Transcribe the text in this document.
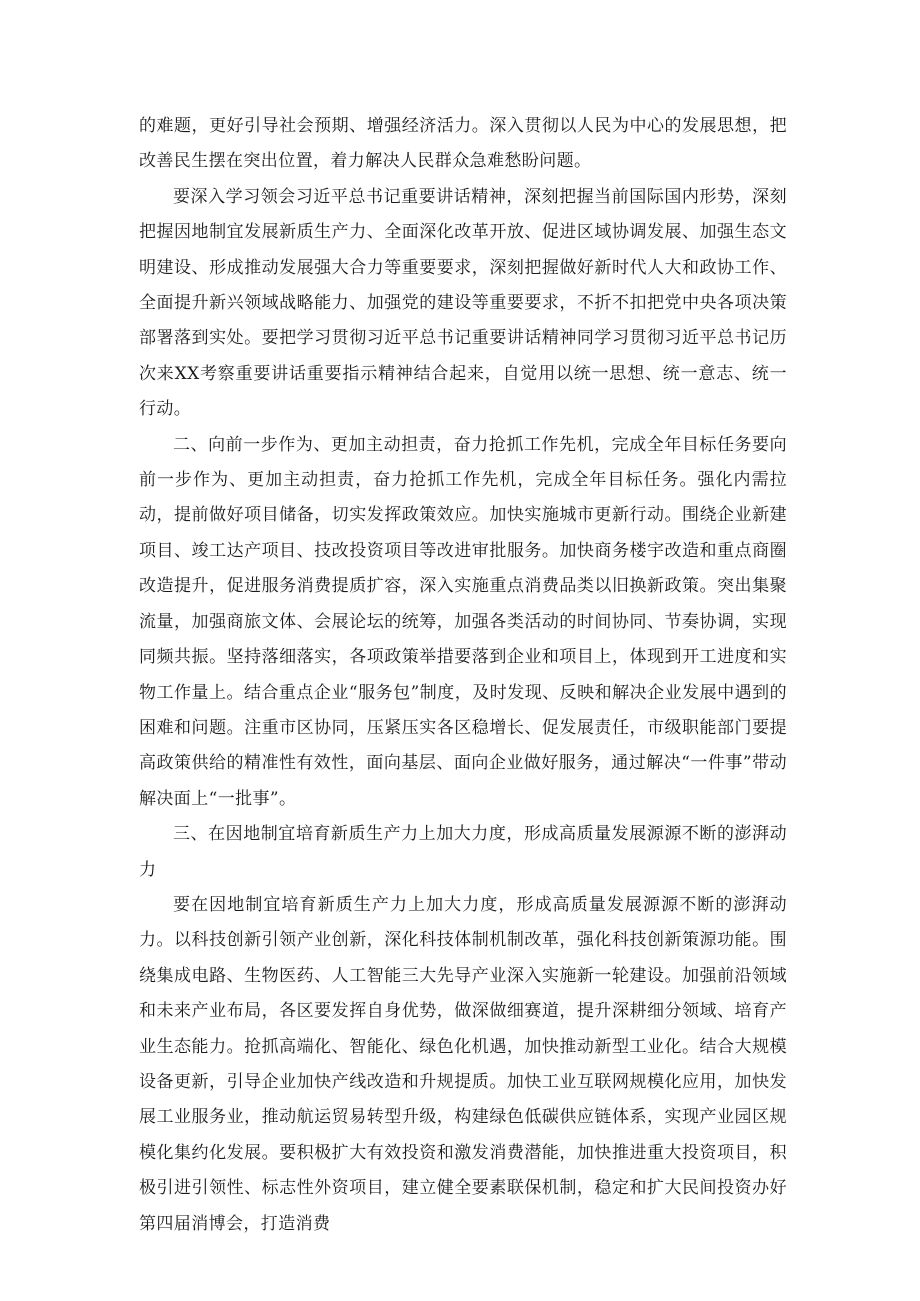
的难题，更好引导社会预期、增强经济活力。深入贯彻以人民为中心的发展思想，把改善民生摆在突出位置，着力解决人民群众急难愁盼问题。

要深入学习领会习近平总书记重要讲话精神，深刻把握当前国际国内形势，深刻把握因地制宜发展新质生产力、全面深化改革开放、促进区域协调发展、加强生态文明建设、形成推动发展强大合力等重要要求，深刻把握做好新时代人大和政协工作、全面提升新兴领域战略能力、加强党的建设等重要要求，不折不扣把党中央各项决策部署落到实处。要把学习贯彻习近平总书记重要讲话精神同学习贯彻习近平总书记历次来XX考察重要讲话重要指示精神结合起来，自觉用以统一思想、统一意志、统一行动。

二、向前一步作为、更加主动担责，奋力抢抓工作先机，完成全年目标任务要向前一步作为、更加主动担责，奋力抢抓工作先机，完成全年目标任务。强化内需拉动，提前做好项目储备，切实发挥政策效应。加快实施城市更新行动。围绕企业新建项目、竣工达产项目、技改投资项目等改进审批服务。加快商务楼宇改造和重点商圈改造提升，促进服务消费提质扩容，深入实施重点消费品类以旧换新政策。突出集聚流量，加强商旅文体、会展论坛的统筹，加强各类活动的时间协同、节奏协调，实现同频共振。坚持落细落实，各项政策举措要落到企业和项目上，体现到开工进度和实物工作量上。结合重点企业“服务包”制度，及时发现、反映和解决企业发展中遇到的困难和问题。注重市区协同，压紧压实各区稳增长、促发展责任，市级职能部门要提高政策供给的精准性有效性，面向基层、面向企业做好服务，通过解决“一件事”带动解决面上“一批事”。

三、在因地制宜培育新质生产力上加大力度，形成高质量发展源源不断的澎湃动力

要在因地制宜培育新质生产力上加大力度，形成高质量发展源源不断的澎湃动力。以科技创新引领产业创新，深化科技体制机制改革，强化科技创新策源功能。围绕集成电路、生物医药、人工智能三大先导产业深入实施新一轮建设。加强前沿领域和未来产业布局，各区要发挥自身优势，做深做细赛道，提升深耕细分领域、培育产业生态能力。抢抓高端化、智能化、绿色化机遇，加快推动新型工业化。结合大规模设备更新，引导企业加快产线改造和升规提质。加快工业互联网规模化应用，加快发展工业服务业，推动航运贸易转型升级，构建绿色低碳供应链体系，实现产业园区规模化集约化发展。要积极扩大有效投资和激发消费潜能，加快推进重大投资项目，积极引进引领性、标志性外资项目，建立健全要素联保机制，稳定和扩大民间投资办好第四届消博会，打造消费
